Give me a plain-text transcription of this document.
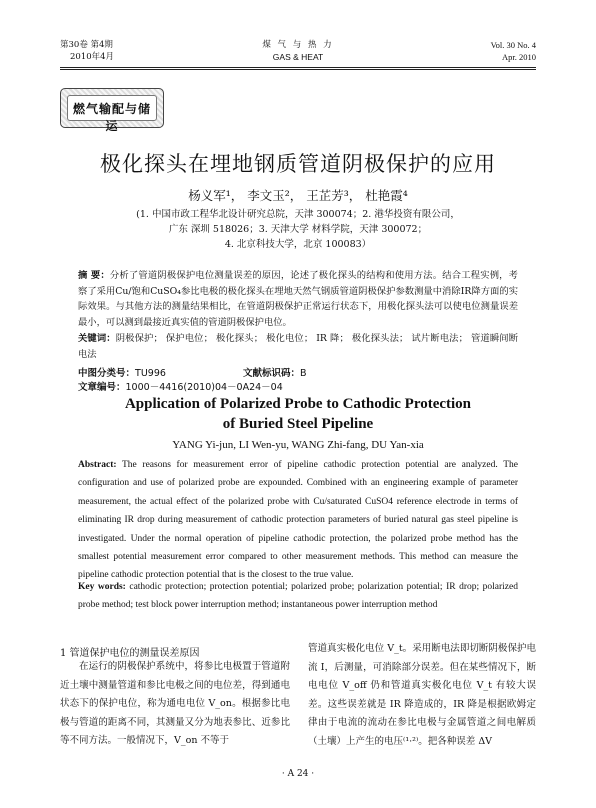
第30卷 第4期
2010年4月
煤 气 与 热 力
GAS & HEAT
Vol. 30 No. 4
Apr. 2010
燃气输配与储运
极化探头在埋地钢质管道阴极保护的应用
杨义军¹， 李文玉²， 王芷芳³， 杜艳霞⁴
(1. 中国市政工程华北设计研究总院，天津 300074；2. 港华投资有限公司，
广东 深圳 518026；3. 天津大学 材料学院，天津 300072；
4. 北京科技大学，北京 100083）
摘 要：分析了管道阴极保护电位测量误差的原因，论述了极化探头的结构和使用方法。结合工程实例，考察了采用Cu/饱和CuSO₄参比电极的极化探头在埋地天然气钢质管道阴极保护参数测量中消除IR降方面的实际效果。与其他方法的测量结果相比，在管道阴极保护正常运行状态下，用极化探头法可以使电位测量误差最小，可以测到最接近真实值的管道阴极保护电位。
关键词：阴极保护； 保护电位； 极化探头； 极化电位； IR 降； 极化探头法； 试片断电法； 管道瞬间断电法
中图分类号：TU996	文献标识码：B文章编号：1000－4416(2010)04－0A24－04
Application of Polarized Probe to Cathodic Protection
of Buried Steel Pipeline
YANG Yi-jun, LI Wen-yu, WANG Zhi-fang, DU Yan-xia
Abstract: The reasons for measurement error of pipeline cathodic protection potential are analyzed. The configuration and use of polarized probe are expounded. Combined with an engineering example of parameter measurement, the actual effect of the polarized probe with Cu/saturated CuSO4 reference electrode in terms of eliminating IR drop during measurement of cathodic protection parameters of buried natural gas steel pipeline is investigated. Under the normal operation of pipeline cathodic protection, the polarized probe method has the smallest potential measurement error compared to other measurement methods. This method can measure the pipeline cathodic protection potential that is the closest to the true value.
Key words: cathodic protection; protection potential; polarized probe; polarization potential; IR drop; polarized probe method; test block power interruption method; instantaneous power interruption method
1 管道保护电位的测量误差原因
在运行的阴极保护系统中，将参比电极置于管道附近土壤中测量管道和参比电极之间的电位差，得到通电状态下的保护电位，称为通电电位 V_on。根据参比电极与管道的距离不同，其测量又分为地表参比、近参比等不同方法。一般情况下，V_on 不等于
管道真实极化电位 V_t。采用断电法即切断阴极保护电流 I，后测量，可消除部分误差。但在某些情况下，断电电位 V_off 仍和管道真实极化电位 V_t 有较大误差。这些误差就是 IR 降造成的，IR 降是根据欧姆定律由于电流的流动在参比电极与金属管道之间电解质（土壤）上产生的电压⁽¹·²⁾。把各种误差 ΔV
· A 24 ·
